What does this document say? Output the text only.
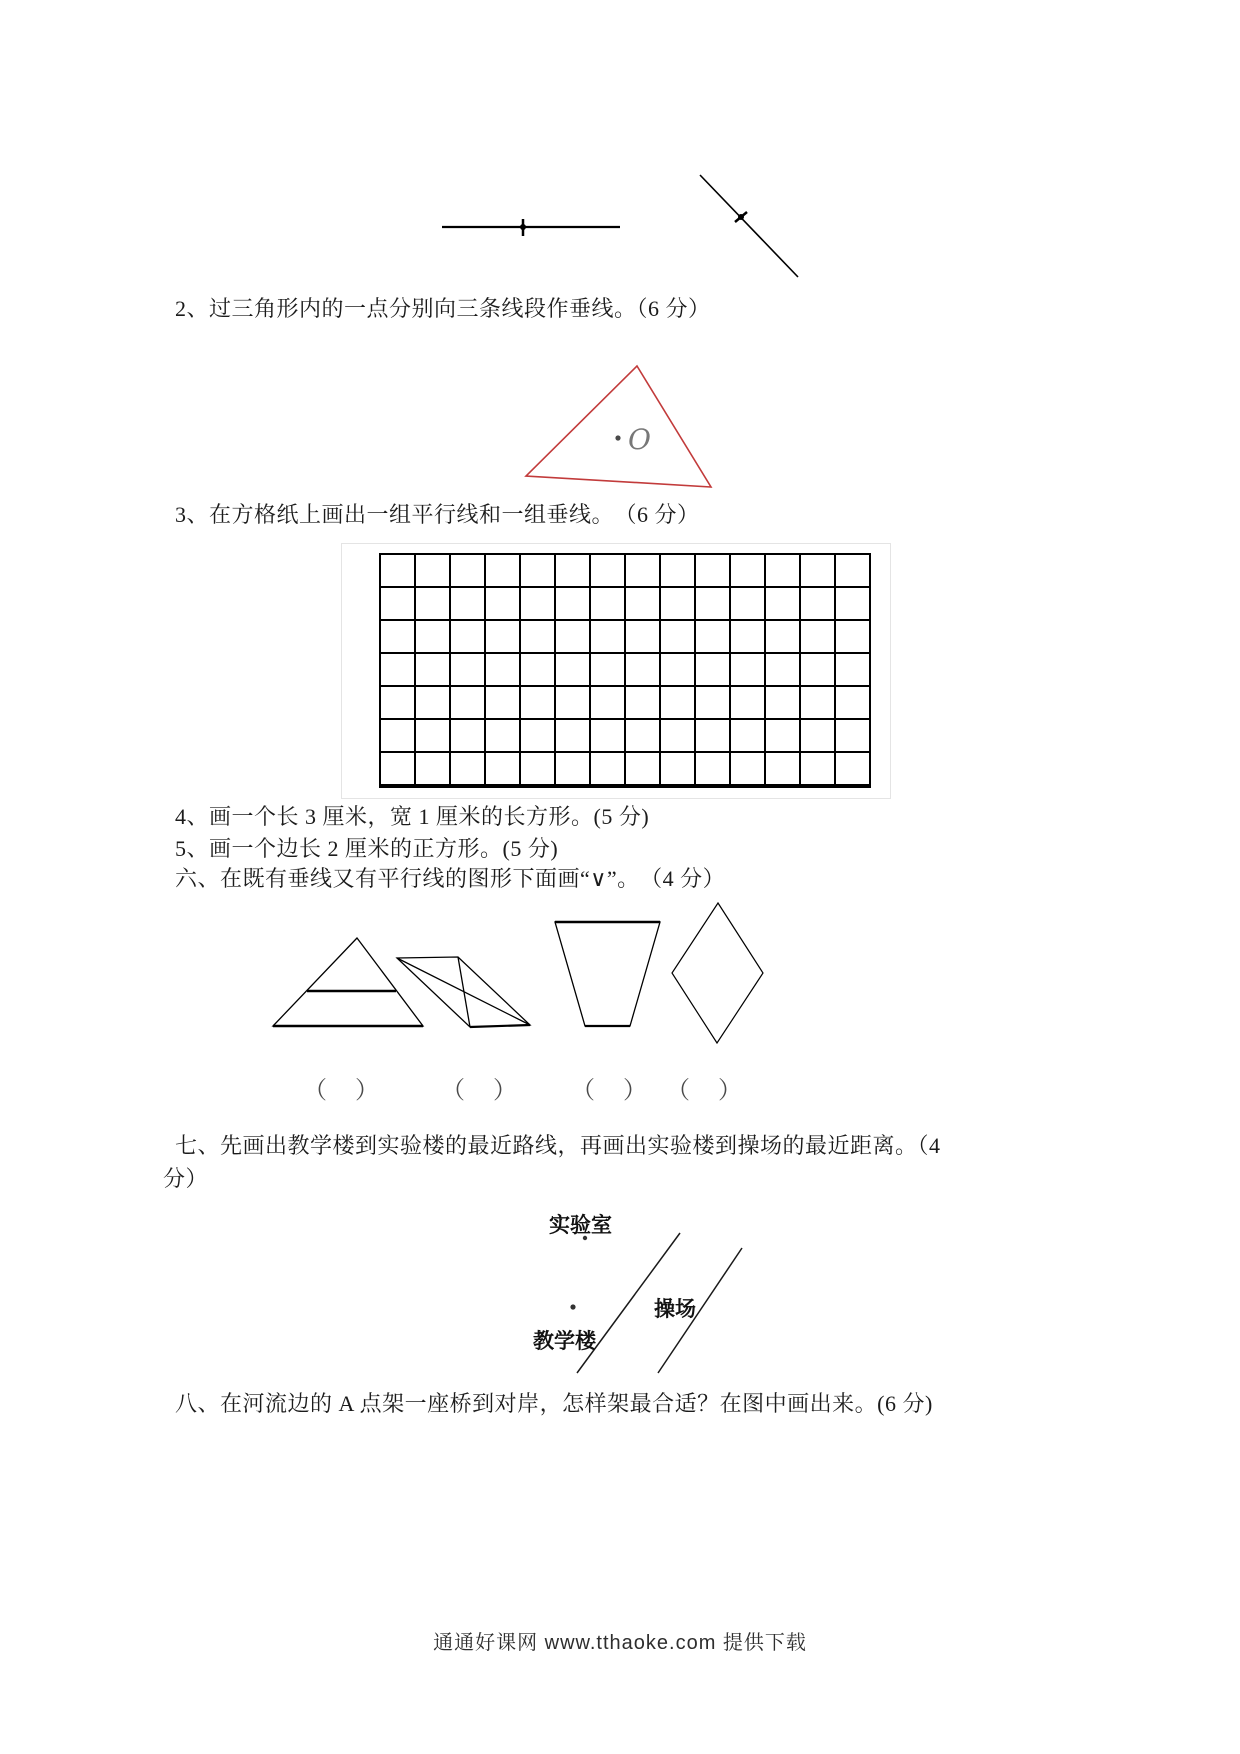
2、过三角形内的一点分别向三条线段作垂线。（6 分）
O
3、在方格纸上画出一组平行线和一组垂线。　（6 分）
4、画一个长 3 厘米，宽 1 厘米的长方形。(5 分)
5、画一个边长 2 厘米的正方形。(5 分)
六、在既有垂线又有平行线的图形下面画“∨”。　（4 分）
（　）	（　） （　） （　）
七、先画出教学楼到实验楼的最近路线，再画出实验楼到操场的最近距离。（4
分）
实验室
操场
教学楼
八、在河流边的 A 点架一座桥到对岸，怎样架最合适？在图中画出来。(6 分)
通通好课网 www.tthaoke.com 提供下载
